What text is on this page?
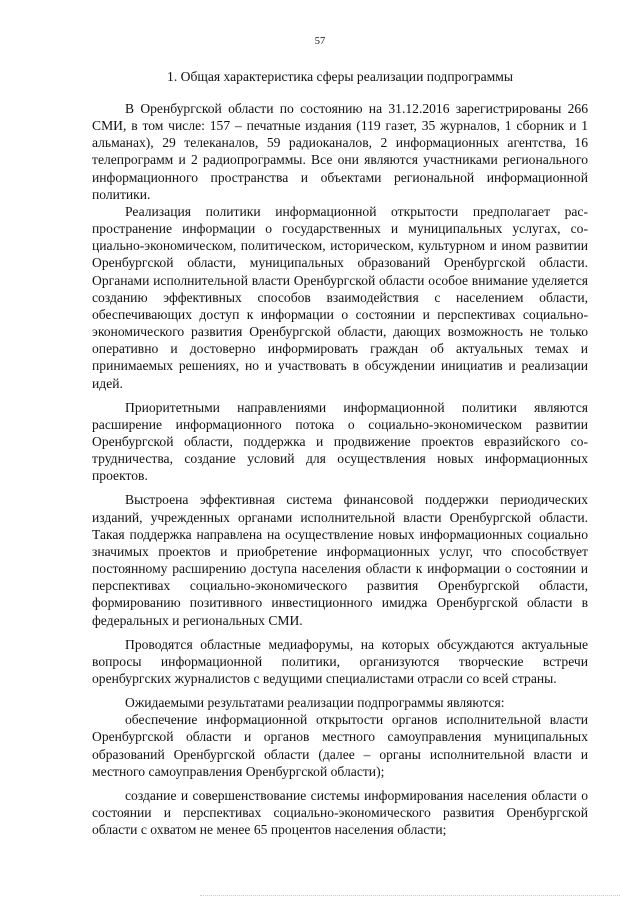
57
1. Общая характеристика сферы реализации подпрограммы

В Оренбургской области по состоянию на 31.12.2016 зарегистрированы 266 СМИ, в том числе: 157 – печатные издания (119 газет, 35 журналов, 1 сборник и 1 альманах), 29 телеканалов, 59 радиоканалов, 2 информационных агентства, 16 телепрограмм и 2 радиопрограммы. Все они являются участниками регионального информационного пространства и объектами региональной информационной политики.

Реализация политики информационной открытости предполагает распространение информации о государственных и муниципальных услугах, социально-экономическом, политическом, историческом, культурном и ином развитии Оренбургской области, муниципальных образований Оренбургской области. Органами исполнительной власти Оренбургской области особое внимание уделяется созданию эффективных способов взаимодействия с населением области, обеспечивающих доступ к информации о состоянии и перспективах социально-экономического развития Оренбургской области, дающих возможность не только оперативно и достоверно информировать граждан об актуальных темах и принимаемых решениях, но и участвовать в обсуждении инициатив и реализации идей.

Приоритетными направлениями информационной политики являются расширение информационного потока о социально-экономическом развитии Оренбургской области, поддержка и продвижение проектов евразийского сотрудничества, создание условий для осуществления новых информационных проектов.

Выстроена эффективная система финансовой поддержки периодических изданий, учрежденных органами исполнительной власти Оренбургской области. Такая поддержка направлена на осуществление новых информационных социально значимых проектов и приобретение информационных услуг, что способствует постоянному расширению доступа населения области к информации о состоянии и перспективах социально-экономического развития Оренбургской области, формированию позитивного инвестиционного имиджа Оренбургской области в федеральных и региональных СМИ.

Проводятся областные медиафорумы, на которых обсуждаются актуальные вопросы информационной политики, организуются творческие встречи оренбургских журналистов с ведущими специалистами отрасли со всей страны.

Ожидаемыми результатами реализации подпрограммы являются:

обеспечение информационной открытости органов исполнительной власти Оренбургской области и органов местного самоуправления муниципальных образований Оренбургской области (далее – органы исполнительной власти и местного самоуправления Оренбургской области);

создание и совершенствование системы информирования населения области о состоянии и перспективах социально-экономического развития Оренбургской области с охватом не менее 65 процентов населения области;
